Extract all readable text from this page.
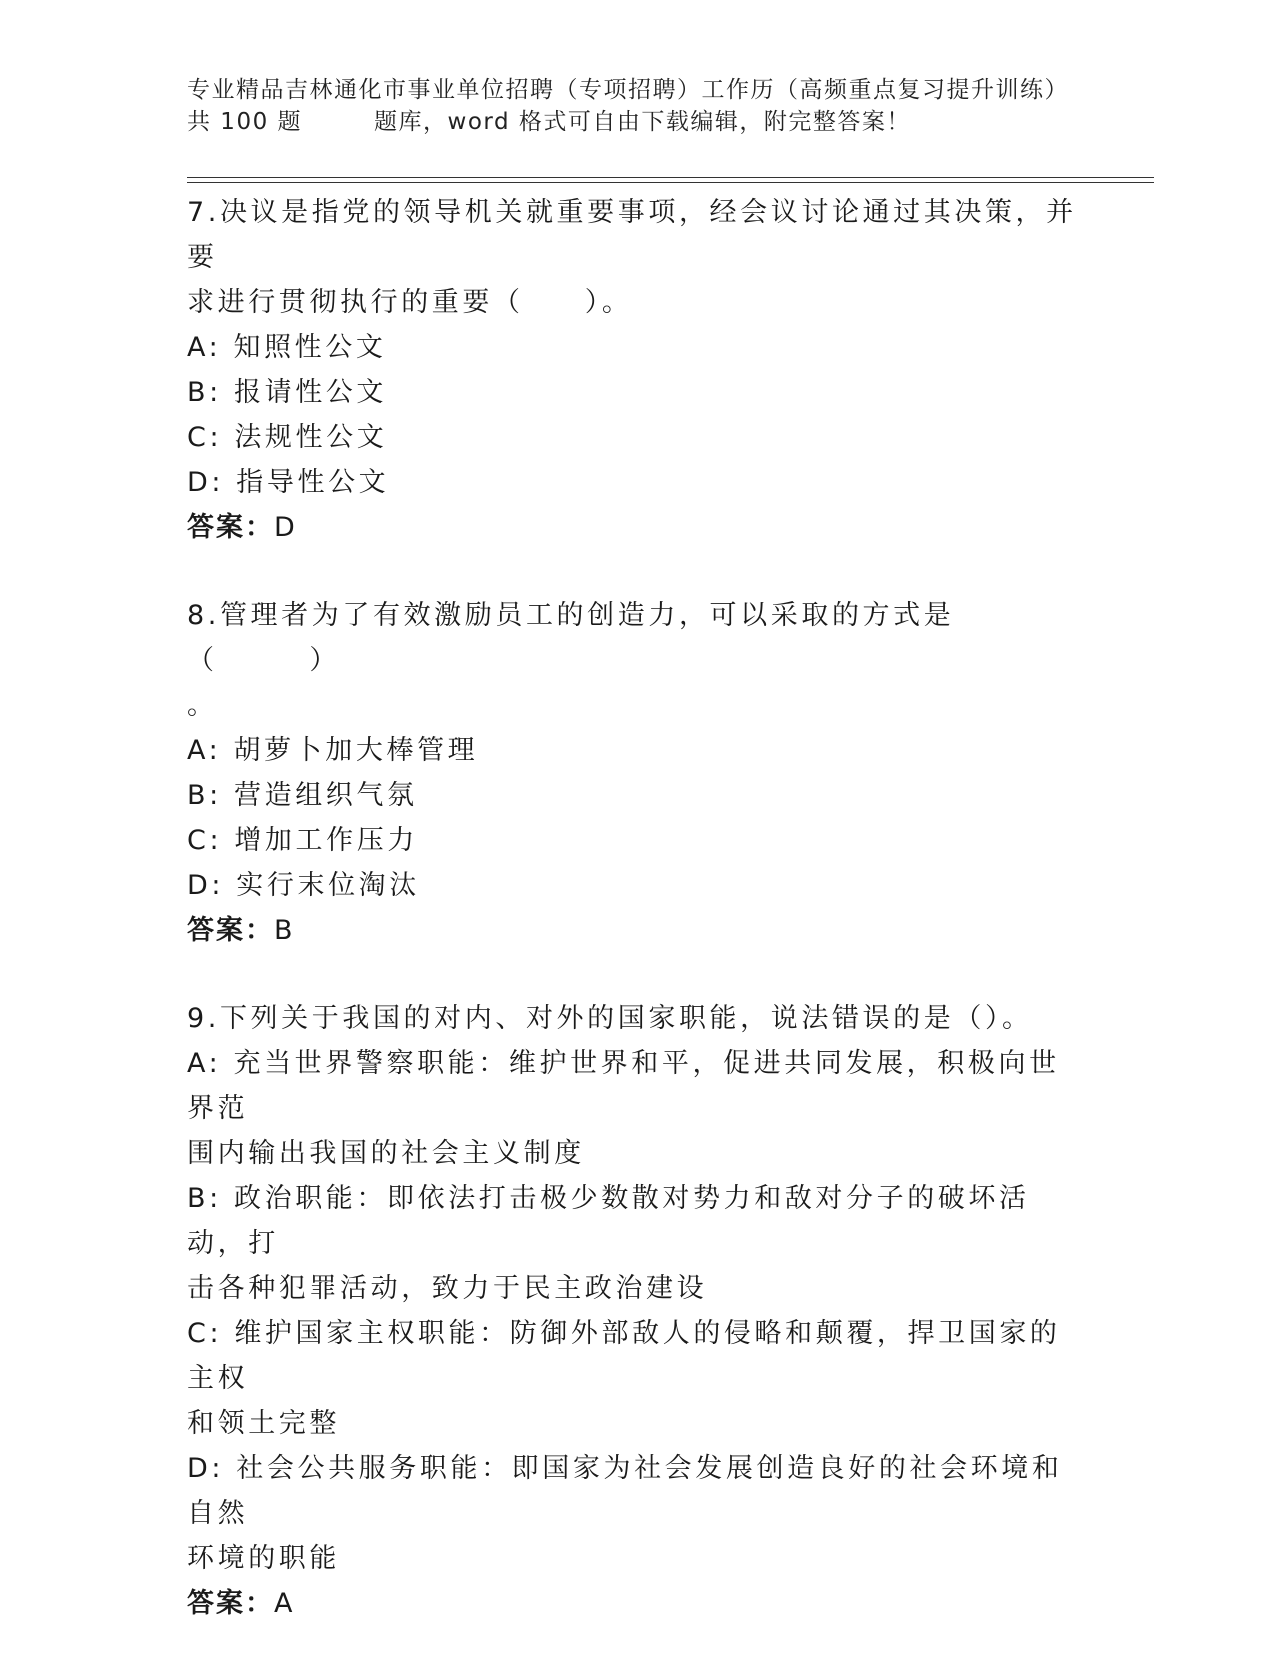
专业精品吉林通化市事业单位招聘（专项招聘）工作历（高频重点复习提升训练）
共 100 题	题库，word 格式可自由下载编辑，附完整答案！

7.决议是指党的领导机关就重要事项，经会议讨论通过其决策，并要

求进行贯彻执行的重要（　　）。

A: 知照性公文

B: 报请性公文

C: 法规性公文

D: 指导性公文

答案：D

8.管理者为了有效激励员工的创造力，可以采取的方式是（　　　）

。

A: 胡萝卜加大棒管理

B: 营造组织气氛

C: 增加工作压力

D: 实行末位淘汰

答案：B

9.下列关于我国的对内、对外的国家职能，说法错误的是（）。

A: 充当世界警察职能：维护世界和平，促进共同发展，积极向世界范

围内输出我国的社会主义制度

B: 政治职能：即依法打击极少数散对势力和敌对分子的破坏活动，打

击各种犯罪活动，致力于民主政治建设

C: 维护国家主权职能：防御外部敌人的侵略和颠覆，捍卫国家的主权

和领土完整

D: 社会公共服务职能：即国家为社会发展创造良好的社会环境和自然

环境的职能

答案：A
